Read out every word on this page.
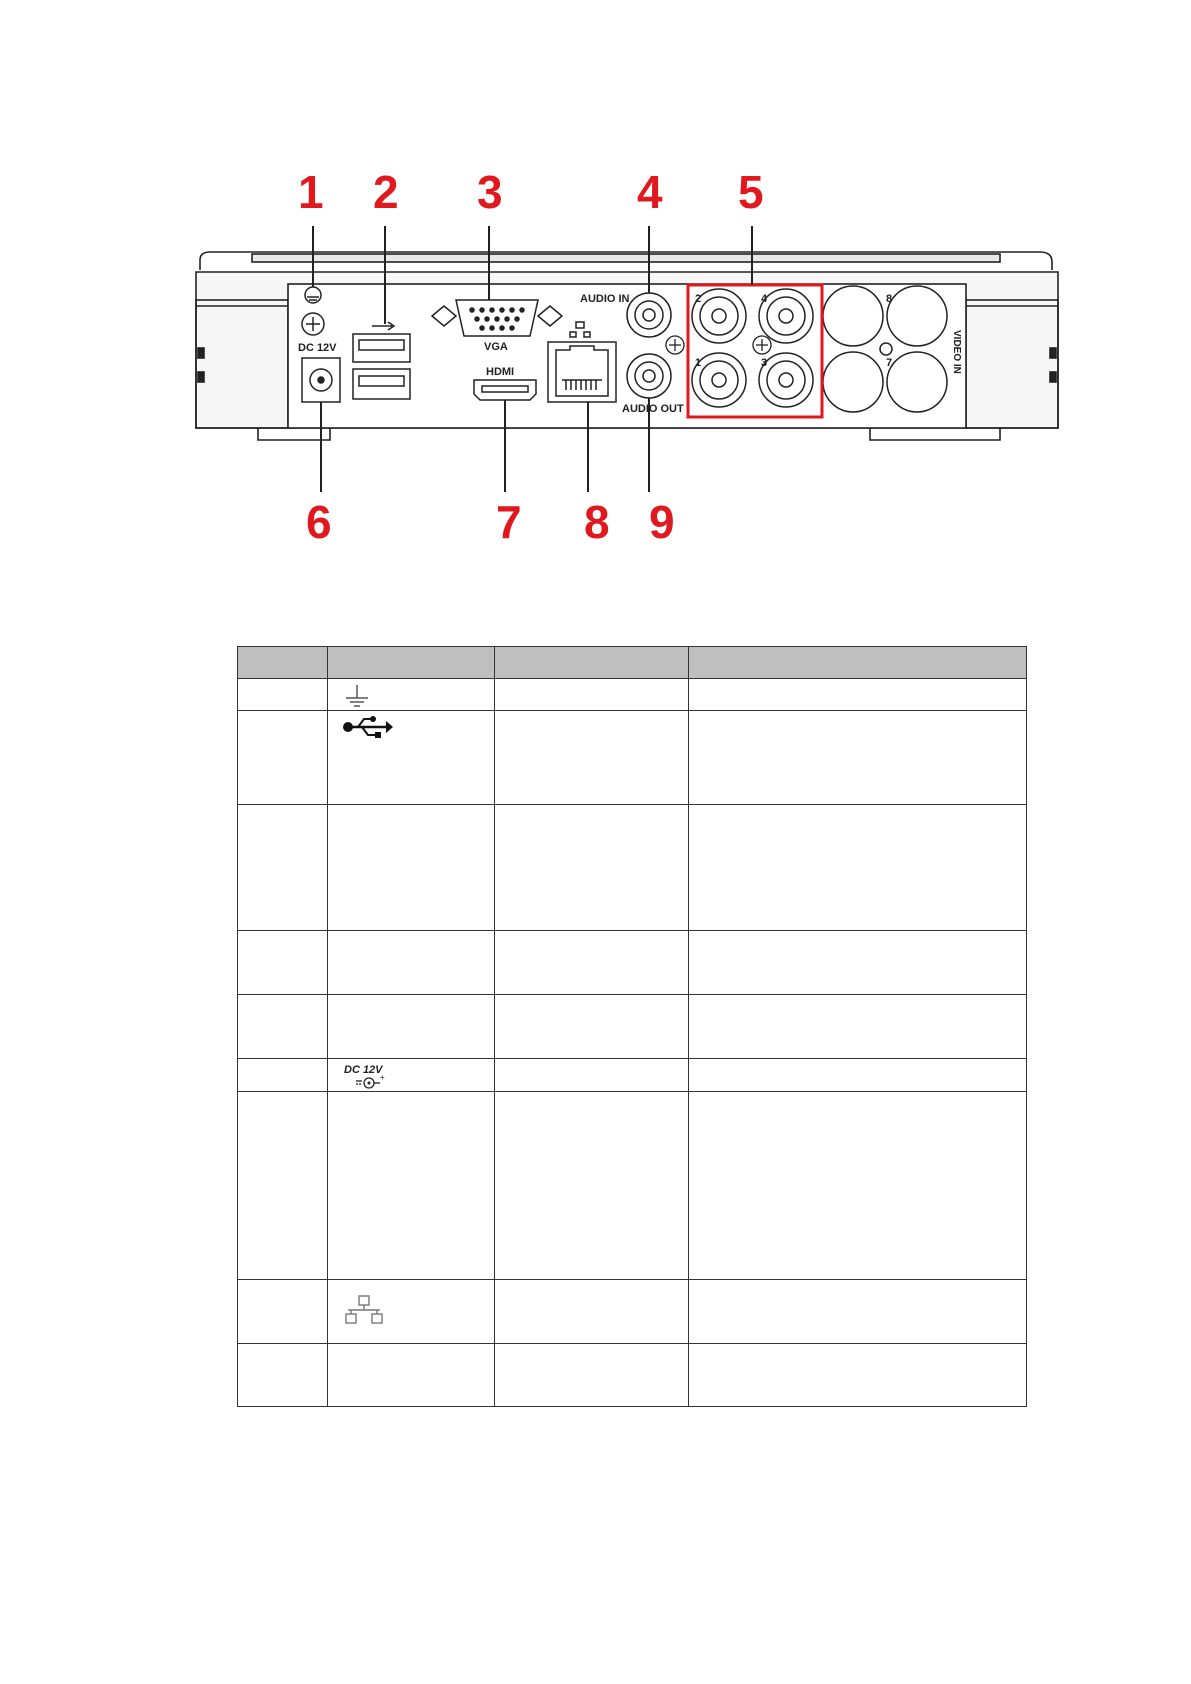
1 2 3	4 5
6	7 8 9
DC 12V	VGA
HDMI
AUDIO IN
AUDIO OUT
2	4
1	3
8
7	VIDEO IN

DC 12V
+		
